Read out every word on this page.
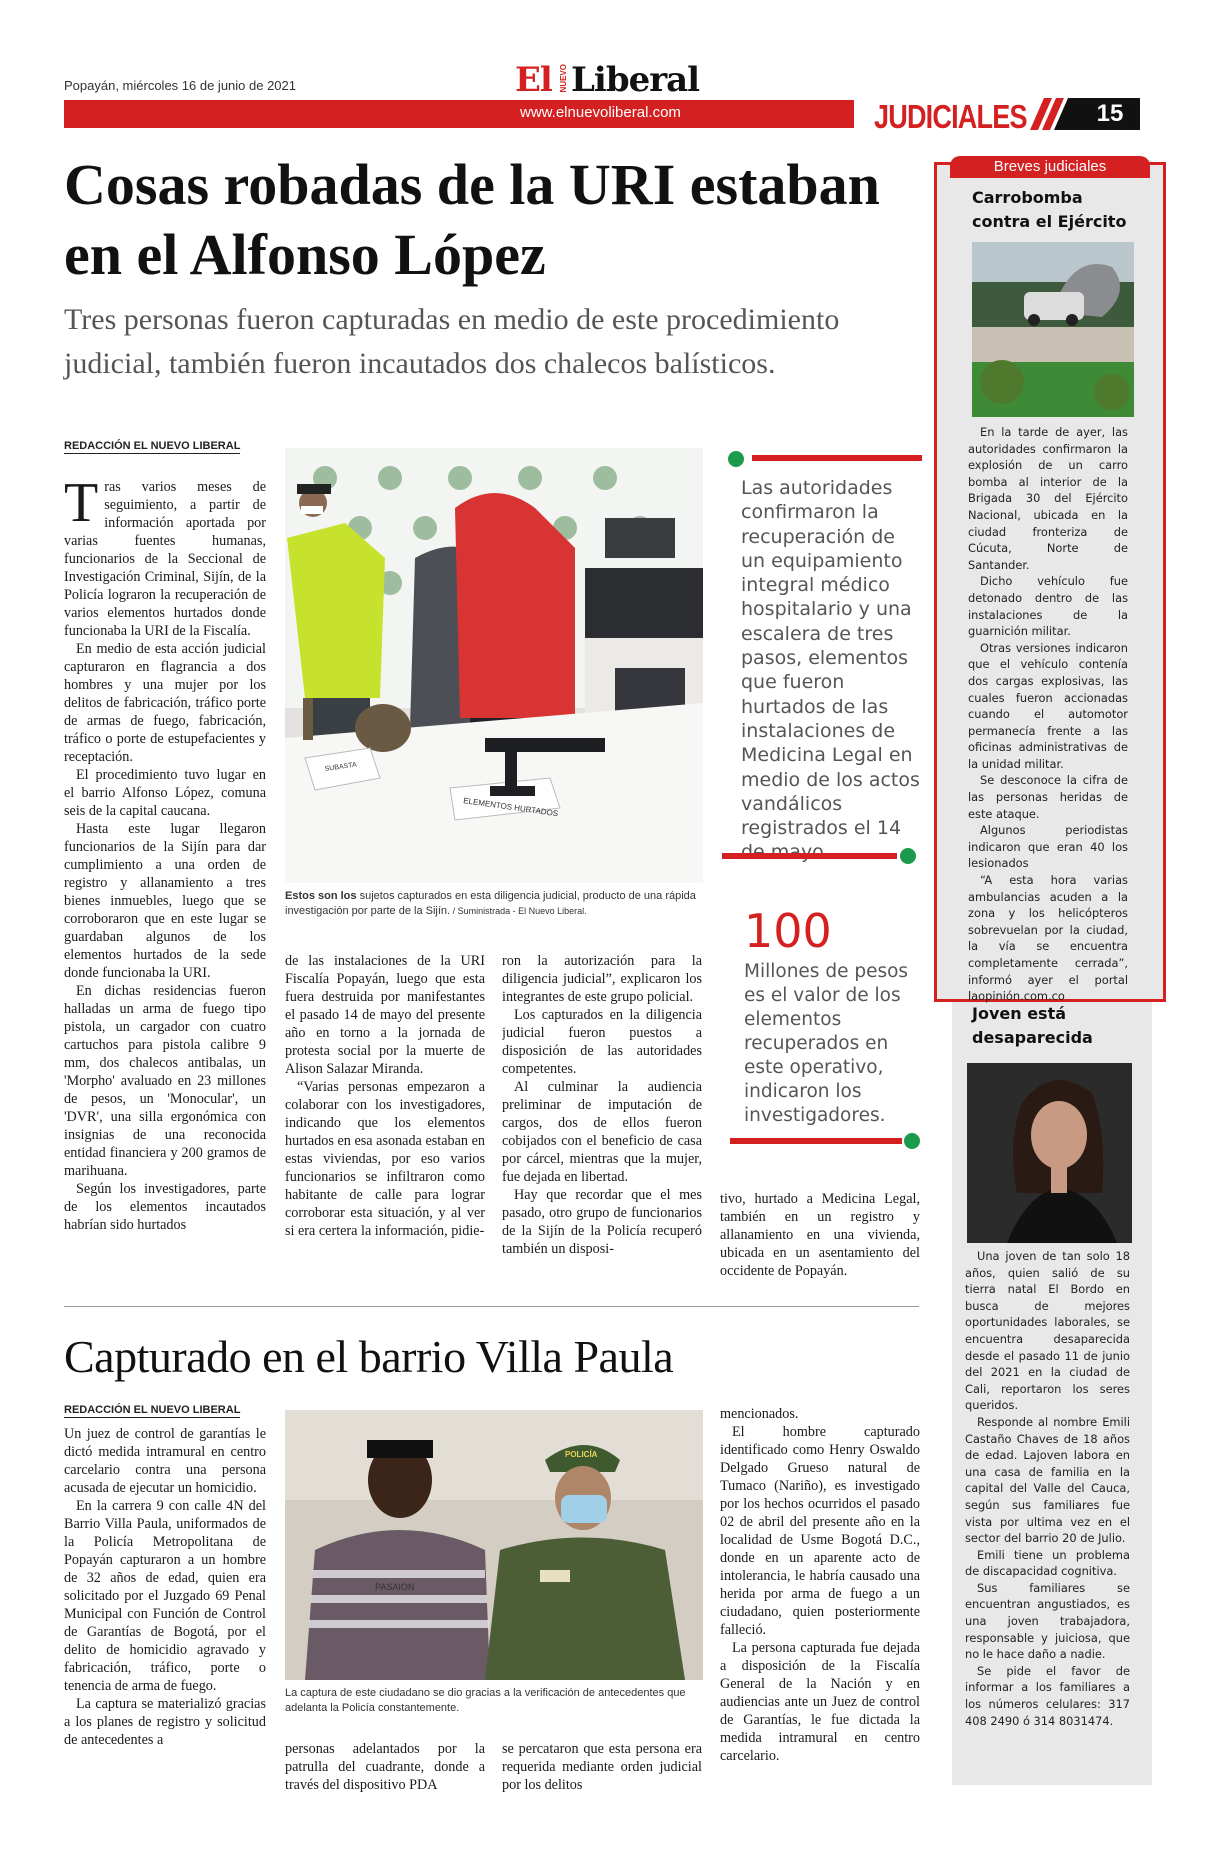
Popayán, miércoles 16 de junio de 2021	El NUEVO Liberal
www.elnuevoliberal.com	JUDICIALES	15
Cosas robadas de la URI estaban en el Alfonso López
Tres personas fueron capturadas en medio de este procedimiento judicial, también fueron incautados dos chalecos balísticos.
REDACCIÓN EL NUEVO LIBERAL

Tras varios meses de seguimiento, a partir de información aportada por varias fuentes humanas, funcionarios de la Seccional de Investigación Criminal, Sijín, de la Policía lograron la recuperación de varios elementos hurtados donde funcionaba la URI de la Fiscalía.

En medio de esta acción judicial capturaron en flagrancia a dos hombres y una mujer por los delitos de fabricación, tráfico porte de armas de fuego, fabricación, tráfico o porte de estupefacientes y receptación.

El procedimiento tuvo lugar en el barrio Alfonso López, comuna seis de la capital caucana.

Hasta este lugar llegaron funcionarios de la Sijín para dar cumplimiento a una orden de registro y allanamiento a tres bienes inmuebles, luego que se corroboraron que en este lugar se guardaban algunos de los elementos hurtados de la sede donde funcionaba la URI.

En dichas residencias fueron halladas un arma de fuego tipo pistola, un cargador con cuatro cartuchos para pistola calibre 9 mm, dos chalecos antibalas, un 'Morpho' avaluado en 23 millones de pesos, un 'Monocular', un 'DVR', una silla ergonómica con insignias de una reconocida entidad financiera y 200 gramos de marihuana.

Según los investigadores, parte de los elementos incautados habrían sido hurtados

SUBASTA
ELEMENTOS HURTADOS
Estos son los sujetos capturados en esta diligencia judicial, producto de una rápida investigación por parte de la Sijín. / Suministrada - El Nuevo Liberal.

de las instalaciones de la URI Fiscalía Popayán, luego que esta fuera destruida por manifestantes el pasado 14 de mayo del presente año en torno a la jornada de protesta social por la muerte de Alison Salazar Miranda.

“Varias personas empezaron a colaborar con los investigadores, indicando que los elementos hurtados en esa asonada estaban en estas viviendas, por eso varios funcionarios se infiltraron como habitante de calle para lograr corroborar esta situación, y al ver si era certera la información, pidie-

ron la autorización para la diligencia judicial”, explicaron los integrantes de este grupo policial.

Los capturados en la diligencia judicial fueron puestos a disposición de las autoridades competentes.

Al culminar la audiencia preliminar de imputación de cargos, dos de ellos fueron cobijados con el beneficio de casa por cárcel, mientras que la mujer, fue dejada en libertad.

Hay que recordar que el mes pasado, otro grupo de funcionarios de la Sijín de la Policía recuperó también un disposi-

tivo, hurtado a Medicina Legal, también en un registro y allanamiento en una vivienda, ubicada en un asentamiento del occidente de Popayán.

Las autoridades confirmaron la recuperación de un equipamiento integral médico hospitalario y una escalera de tres pasos, elementos que fueron hurtados de las instalaciones de Medicina Legal en medio de los actos vandálicos registrados el 14
100
Millones de pesos es el valor de los elementos recuperados en este operativo, indicaron los investigadores.
Breves judiciales
Carrobomba contra el Ejército

En la tarde de ayer, las autoridades confirmaron la explosión de un carro bomba al interior de la Brigada 30 del Ejército Nacional, ubicada en la ciudad fronteriza de Cúcuta, Norte de Santander.

Dicho vehículo fue detonado dentro de las instalaciones de la guarnición militar.

Otras versiones indicaron que el vehículo contenía dos cargas explosivas, las cuales fueron accionadas cuando el automotor permanecía frente a las oficinas administrativas de la unidad militar.

Se desconoce la cifra de las personas heridas de este ataque.

Algunos periodistas indicaron que eran 40 los lesionados

“A esta hora varias ambulancias acuden a la zona y los helicópteros sobrevuelan por la ciudad, la vía se encuentra completamente cerrada”, informó ayer el portal laopinión.com.co

Joven está desaparecida

Una joven de tan solo 18 años, quien salió de su tierra natal El Bordo en busca de mejores oportunidades laborales, se encuentra desaparecida desde el pasado 11 de junio del 2021 en la ciudad de Cali, reportaron los seres queridos.

Responde al nombre Emili Castaño Chaves de 18 años de edad. Lajoven labora en una casa de familia en la capital del Valle del Cauca, según sus familiares fue vista por ultima vez en el sector del barrio 20 de Julio.

Emili tiene un problema de discapacidad cognitiva.

Sus familiares se encuentran angustiados, es una joven trabajadora, responsable y juiciosa, que no le hace daño a nadie.

Se pide el favor de informar a los familiares a los números celulares: 317 408 2490 ó 314 8031474.

Capturado en el barrio Villa Paula
REDACCIÓN EL NUEVO LIBERAL

Un juez de control de garantías le dictó medida intramural en centro carcelario contra una persona acusada de ejecutar un homicidio.

En la carrera 9 con calle 4N del Barrio Villa Paula, uniformados de la Policía Metropolitana de Popayán capturaron a un hombre de 32 años de edad, quien era solicitado por el Juzgado 69 Penal Municipal con Función de Control de Garantías de Bogotá, por el delito de homicidio agravado y fabricación, tráfico, porte o tenencia de arma de fuego.

La captura se materializó gracias a los planes de registro y solicitud de antecedentes a

PASAION
POLICÍA
La captura de este ciudadano se dio gracias a la verificación de antecedentes que adelanta la Policía constantemente.

personas adelantados por la patrulla del cuadrante, donde a través del dispositivo PDA

se percataron que esta persona era requerida mediante orden judicial por los delitos

mencionados.

El hombre capturado identificado como Henry Oswaldo Delgado Grueso natural de Tumaco (Nariño), es investigado por los hechos ocurridos el pasado 02 de abril del presente año en la localidad de Usme Bogotá D.C., donde en un aparente acto de intolerancia, le habría causado una herida por arma de fuego a un ciudadano, quien posteriormente falleció.

La persona capturada fue dejada a disposición de la Fiscalía General de la Nación y en audiencias ante un Juez de control de Garantías, le fue dictada la medida intramural en centro carcelario.
